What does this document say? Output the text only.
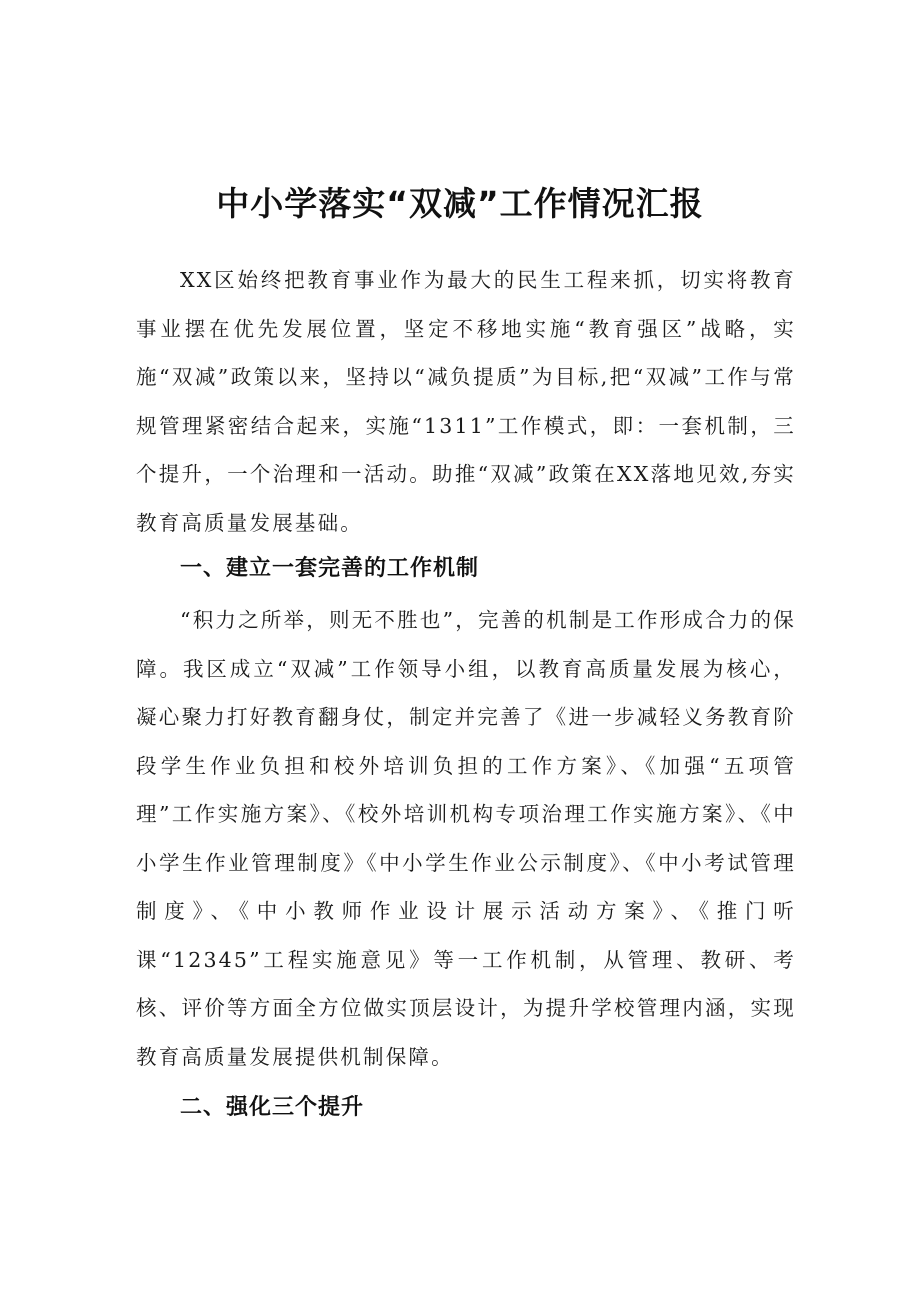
中小学落实“双减”工作情况汇报

XX区始终把教育事业作为最大的民生工程来抓，切实将教育事业摆在优先发展位置，坚定不移地实施“教育强区”战略，实施“双减”政策以来，坚持以“减负提质”为目标,把“双减”工作与常规管理紧密结合起来，实施“1311”工作模式，即：一套机制，三个提升，一个治理和一活动。助推“双减”政策在XX落地见效,夯实教育高质量发展基础。

一、建立一套完善的工作机制

“积力之所举，则无不胜也”，完善的机制是工作形成合力的保障。我区成立“双减”工作领导小组，以教育高质量发展为核心，凝心聚力打好教育翻身仗，制定并完善了《进一步减轻义务教育阶段学生作业负担和校外培训负担的工作方案》、《加强“五项管理”工作实施方案》、《校外培训机构专项治理工作实施方案》、《中小学生作业管理制度》《中小学生作业公示制度》、《中小考试管理制度》、《中小教师作业设计展示活动方案》、《推门听课“12345”工程实施意见》等一工作机制，从管理、教研、考核、评价等方面全方位做实顶层设计，为提升学校管理内涵，实现教育高质量发展提供机制保障。

二、强化三个提升
